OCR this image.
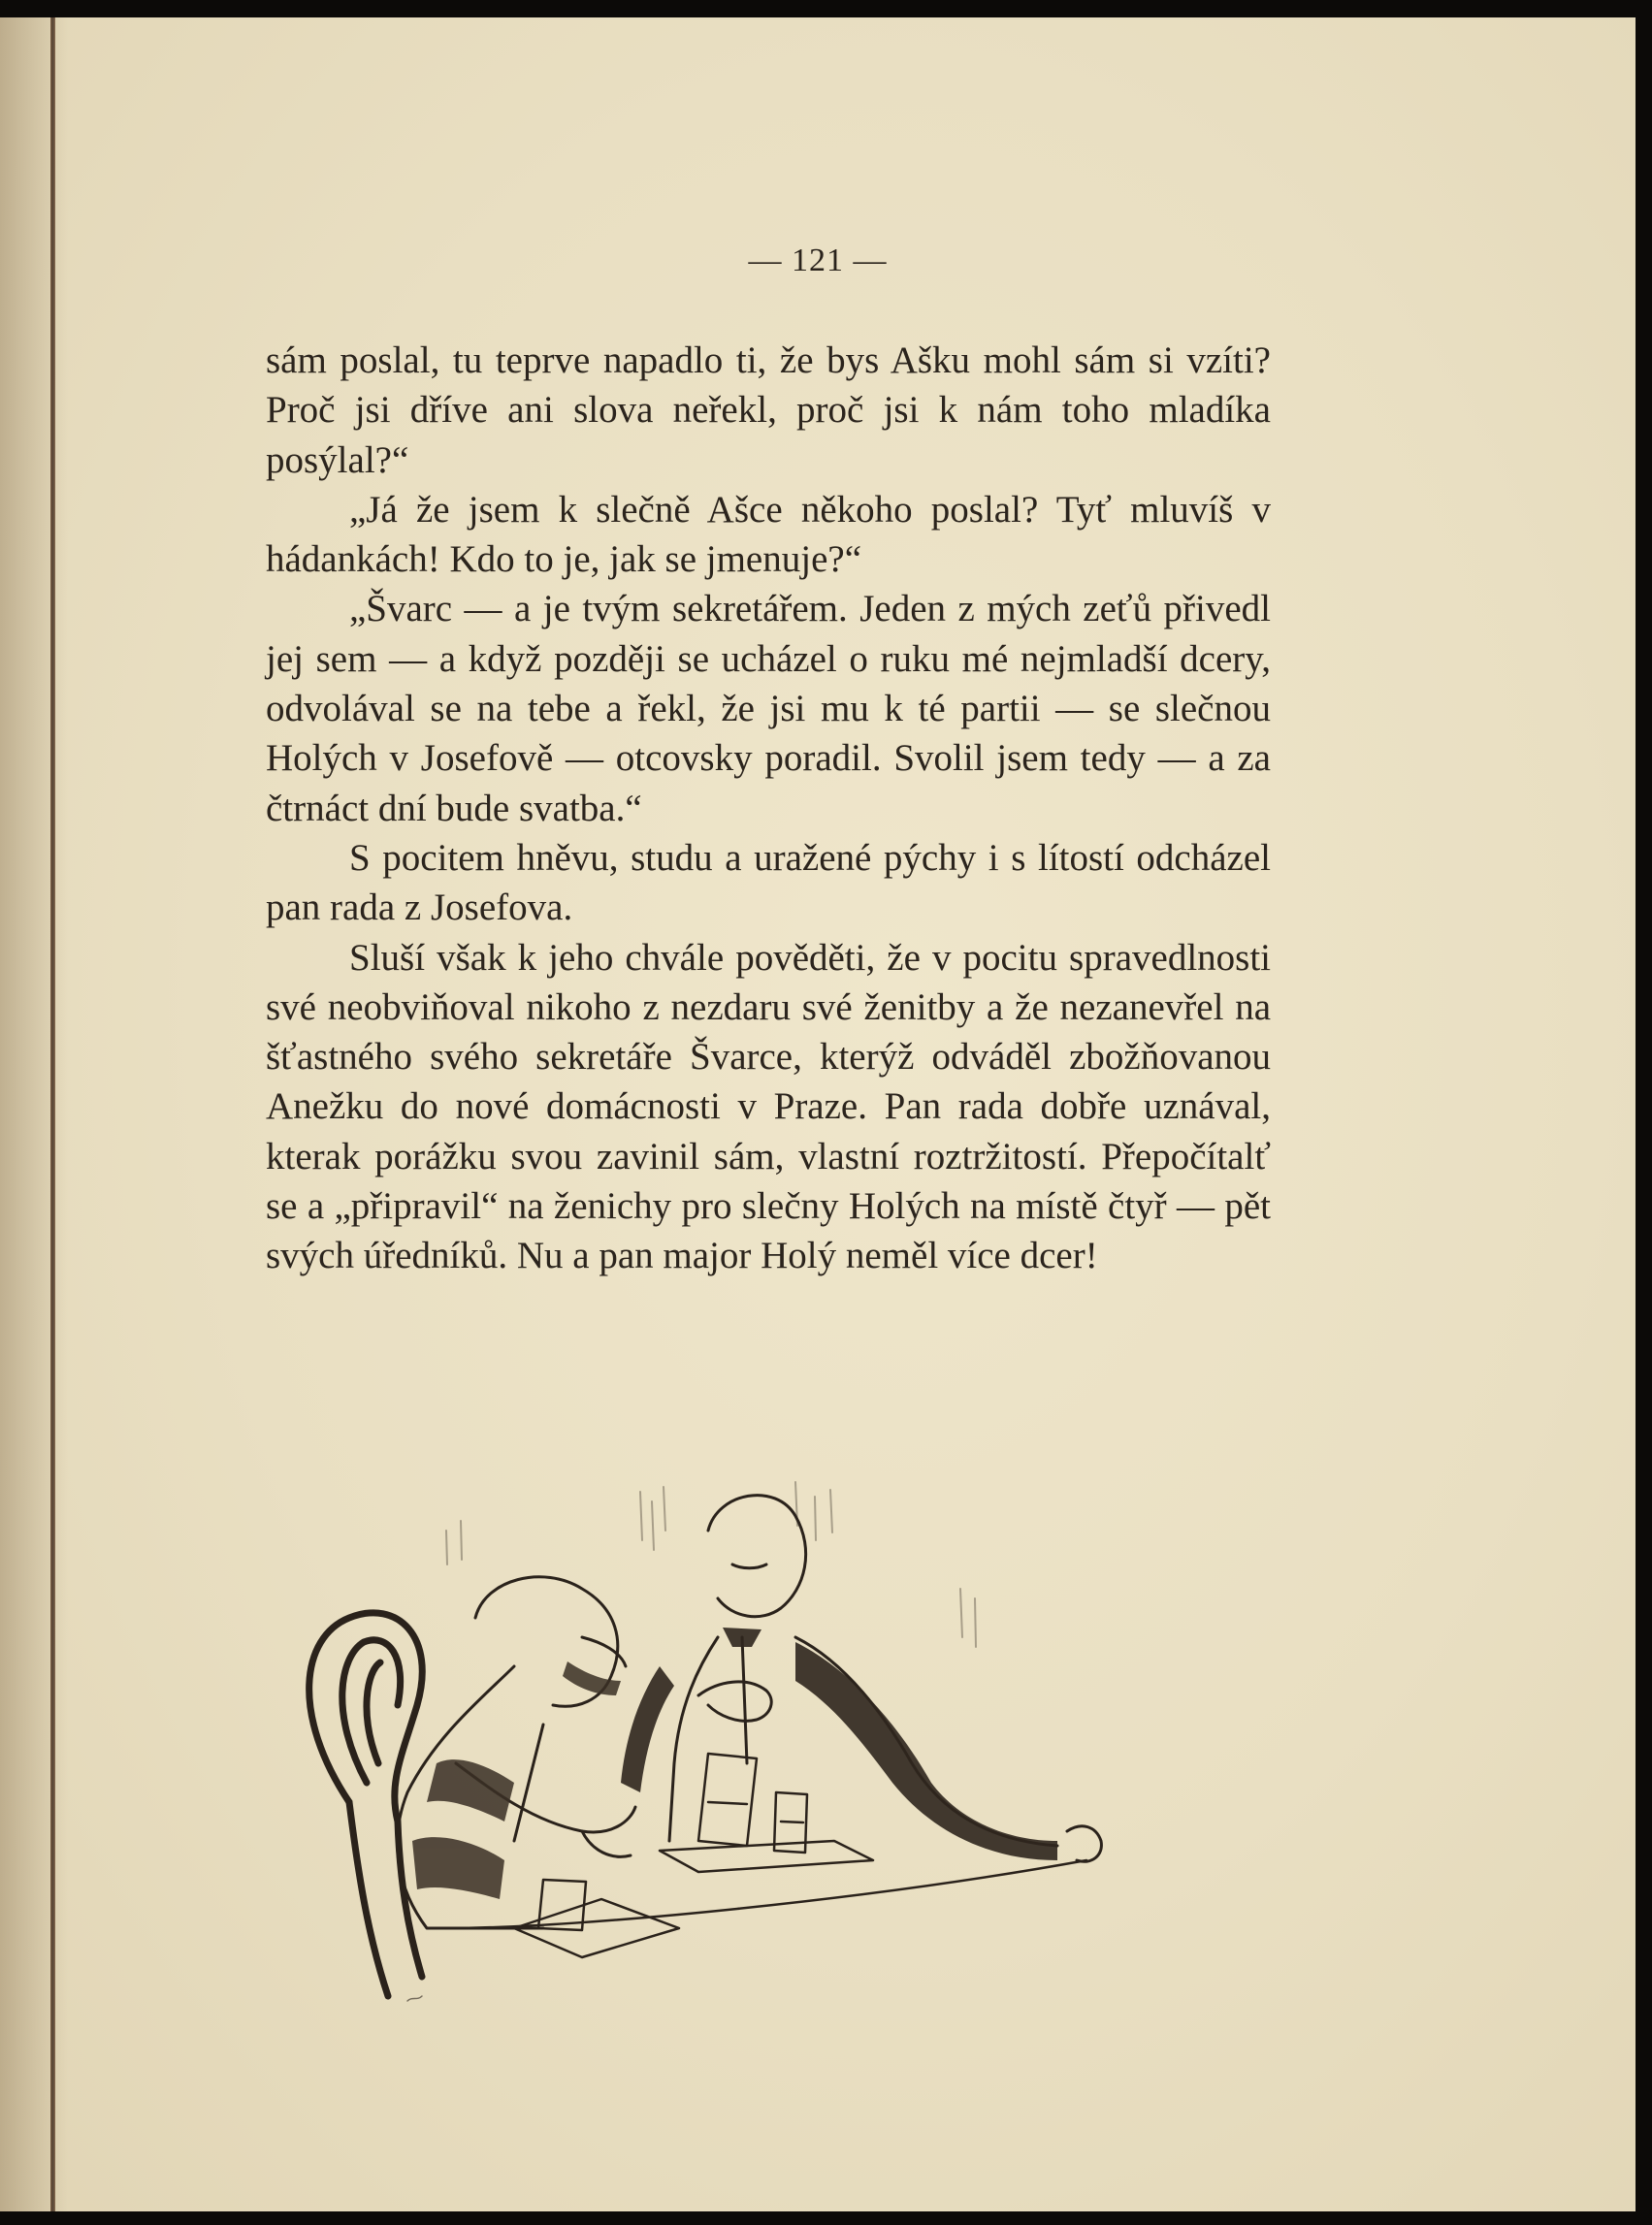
— 121 —

sám poslal, tu teprve napadlo ti, že bys Ašku mohl sám si vzíti? Proč jsi dříve ani slova neřekl, proč jsi k nám toho mladíka posýlal?“

„Já že jsem k slečně Ašce někoho poslal? Tyť mluvíš v hádankách! Kdo to je, jak se jmenuje?“

„Švarc — a je tvým sekretářem. Jeden z mých zeťů přivedl jej sem — a když později se ucházel o ruku mé nejmladší dcery, odvolával se na tebe a řekl, že jsi mu k té partii — se slečnou Holých v Josefově — otcovsky poradil. Svolil jsem tedy — a za čtrnáct dní bude svatba.“

S pocitem hněvu, studu a uražené pýchy i s lítostí odcházel pan rada z Josefova.

Sluší však k jeho chvále pověděti, že v pocitu spravedlnosti své neobviňoval nikoho z nezdaru své ženitby a že nezanevřel na šťastného svého sekretáře Švarce, kterýž odváděl zbožňovanou Anežku do nové domácnosti v Praze. Pan rada dobře uznával, kterak porážku svou zavinil sám, vlastní roztržitostí. Přepočítalť se a „připravil“ na ženichy pro slečny Holých na místě čtyř — pět svých úředníků. Nu a pan major Holý neměl více dcer!
